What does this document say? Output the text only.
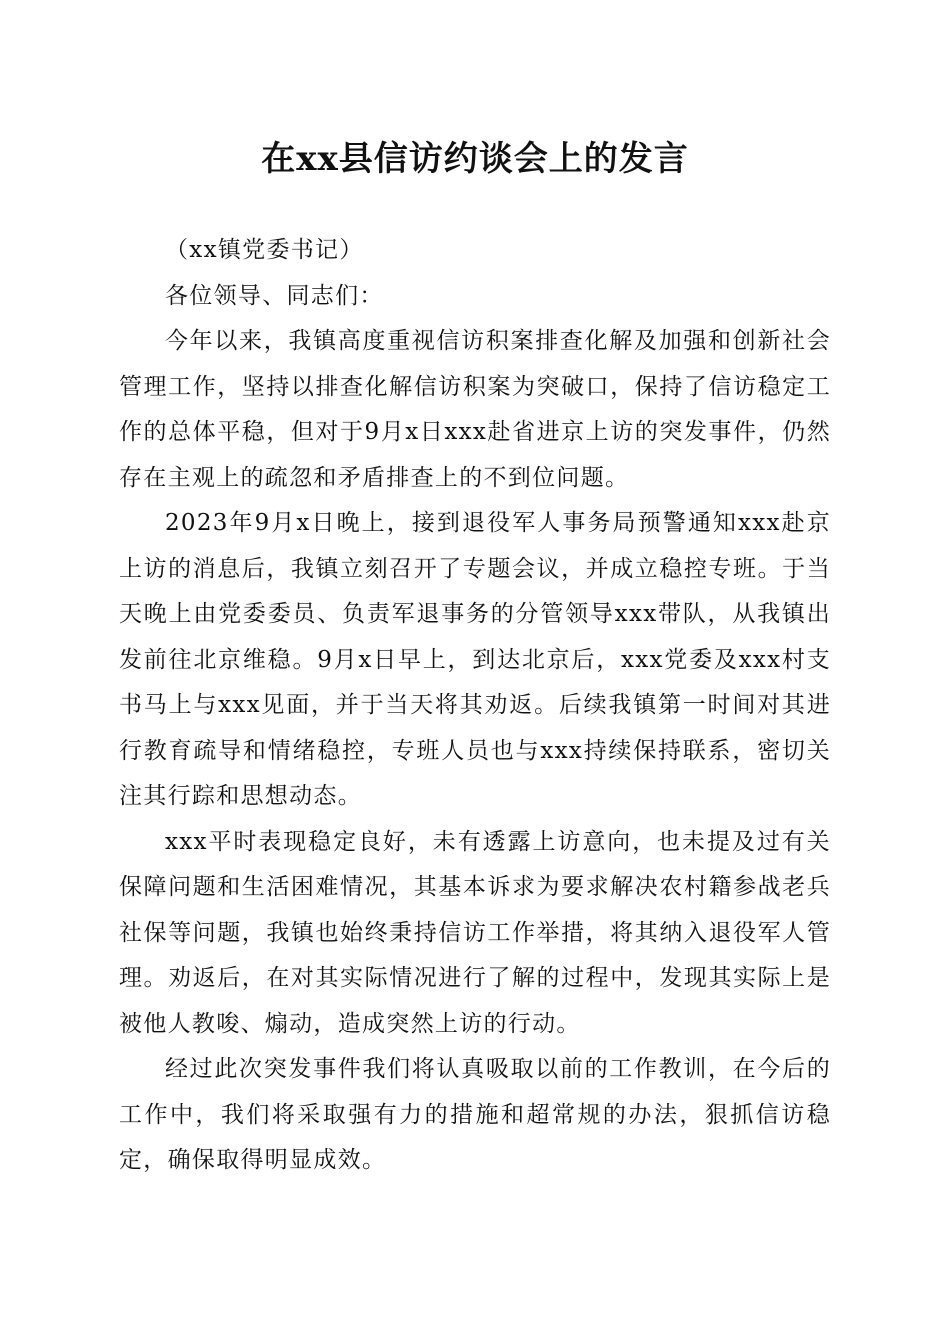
在xx县信访约谈会上的发言

（xx镇党委书记）

各位领导、同志们：

今年以来，我镇高度重视信访积案排查化解及加强和创新社会管理工作，坚持以排查化解信访积案为突破口，保持了信访稳定工作的总体平稳，但对于9月x日xxx赴省进京上访的突发事件，仍然存在主观上的疏忽和矛盾排查上的不到位问题。

2023年9月x日晚上，接到退役军人事务局预警通知xxx赴京上访的消息后，我镇立刻召开了专题会议，并成立稳控专班。于当天晚上由党委委员、负责军退事务的分管领导xxx带队，从我镇出发前往北京维稳。9月x日早上，到达北京后，xxx党委及xxx村支书马上与xxx见面，并于当天将其劝返。后续我镇第一时间对其进行教育疏导和情绪稳控，专班人员也与xxx持续保持联系，密切关注其行踪和思想动态。

xxx平时表现稳定良好，未有透露上访意向，也未提及过有关保障问题和生活困难情况，其基本诉求为要求解决农村籍参战老兵社保等问题，我镇也始终秉持信访工作举措，将其纳入退役军人管理。劝返后，在对其实际情况进行了解的过程中，发现其实际上是被他人教唆、煽动，造成突然上访的行动。

经过此次突发事件我们将认真吸取以前的工作教训，在今后的工作中，我们将采取强有力的措施和超常规的办法，狠抓信访稳定，确保取得明显成效。
